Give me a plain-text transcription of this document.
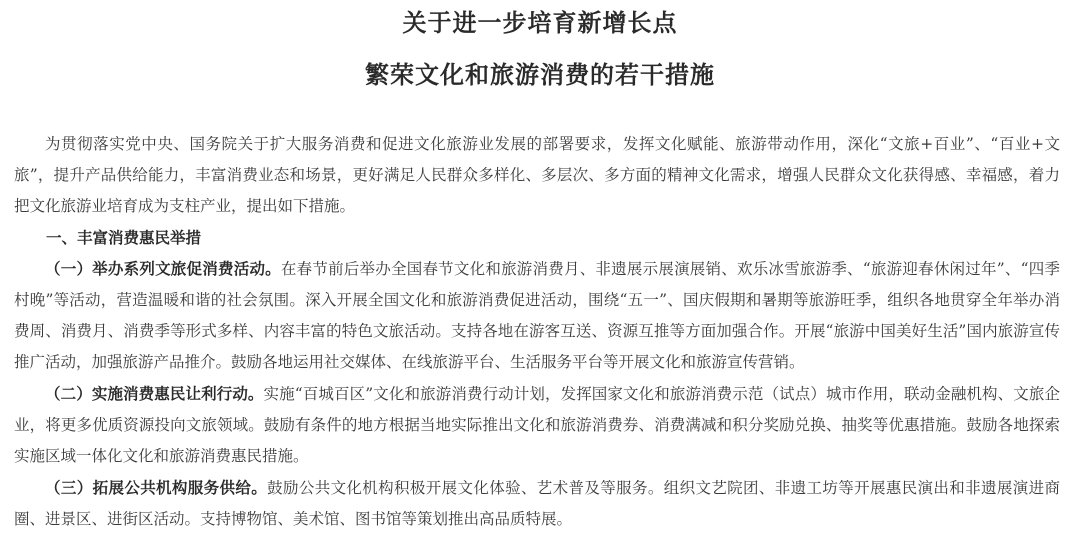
关于进一步培育新增长点
繁荣文化和旅游消费的若干措施

为贯彻落实党中央、国务院关于扩大服务消费和促进文化旅游业发展的部署要求，发挥文化赋能、旅游带动作用，深化“文旅+百业”、“百业+文旅”，提升产品供给能力，丰富消费业态和场景，更好满足人民群众多样化、多层次、多方面的精神文化需求，增强人民群众文化获得感、幸福感，着力把文化旅游业培育成为支柱产业，提出如下措施。

一、丰富消费惠民举措

（一）举办系列文旅促消费活动。在春节前后举办全国春节文化和旅游消费月、非遗展示展演展销、欢乐冰雪旅游季、“旅游迎春休闲过年”、“四季村晚”等活动，营造温暖和谐的社会氛围。深入开展全国文化和旅游消费促进活动，围绕“五一”、国庆假期和暑期等旅游旺季，组织各地贯穿全年举办消费周、消费月、消费季等形式多样、内容丰富的特色文旅活动。支持各地在游客互送、资源互推等方面加强合作。开展“旅游中国美好生活”国内旅游宣传推广活动，加强旅游产品推介。鼓励各地运用社交媒体、在线旅游平台、生活服务平台等开展文化和旅游宣传营销。

（二）实施消费惠民让利行动。实施“百城百区”文化和旅游消费行动计划，发挥国家文化和旅游消费示范（试点）城市作用，联动金融机构、文旅企业，将更多优质资源投向文旅领域。鼓励有条件的地方根据当地实际推出文化和旅游消费券、消费满减和积分奖励兑换、抽奖等优惠措施。鼓励各地探索实施区域一体化文化和旅游消费惠民措施。

（三）拓展公共机构服务供给。鼓励公共文化机构积极开展文化体验、艺术普及等服务。组织文艺院团、非遗工坊等开展惠民演出和非遗展演进商圈、进景区、进街区活动。支持博物馆、美术馆、图书馆等策划推出高品质特展。
